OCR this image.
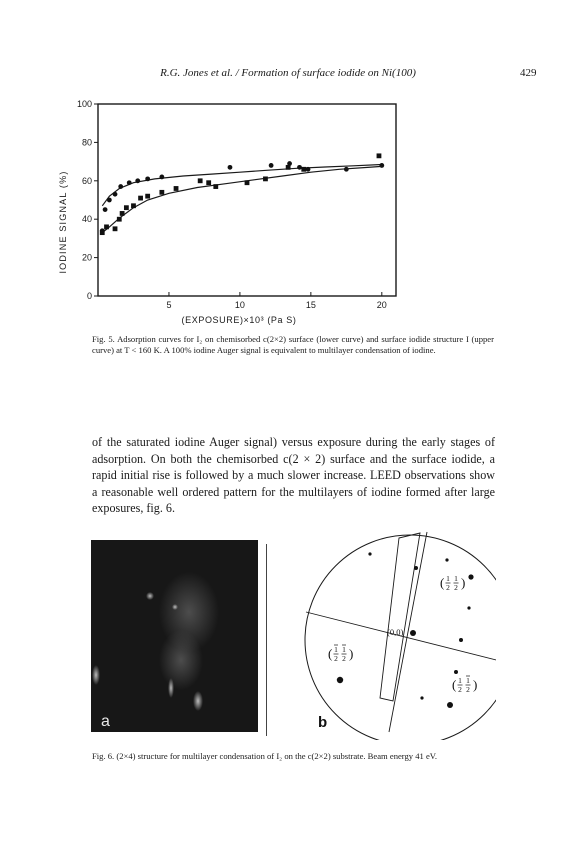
R.G. Jones et al. / Formation of surface iodide on Ni(100)	429
0
20
40
60
80
100
5	10	15	20
IODINE SIGNAL (%)
(EXPOSURE)×10³ (Pa S)
Fig. 5. Adsorption curves for I₂ on chemisorbed c(2×2) surface (lower curve) and surface iodide structure I (upper curve) at T < 160 K. A 100% iodine Auger signal is equivalent to multilayer condensation of iodine.
of the saturated iodine Auger signal) versus exposure during the early stages of adsorption. On both the chemisorbed c(2 × 2) surface and the surface iodide, a rapid initial rise is followed by a much slower increase. LEED observations show a reasonable well ordered pattern for the multilayers of iodine formed after large exposures, fig. 6.
a
(0,0)
( )
1
2
1
2
( )
1
2
1
2
( )
1
2
1
2
b
Fig. 6. (2×4) structure for multilayer condensation of I₂ on the c(2×2) substrate. Beam energy 41 eV.
